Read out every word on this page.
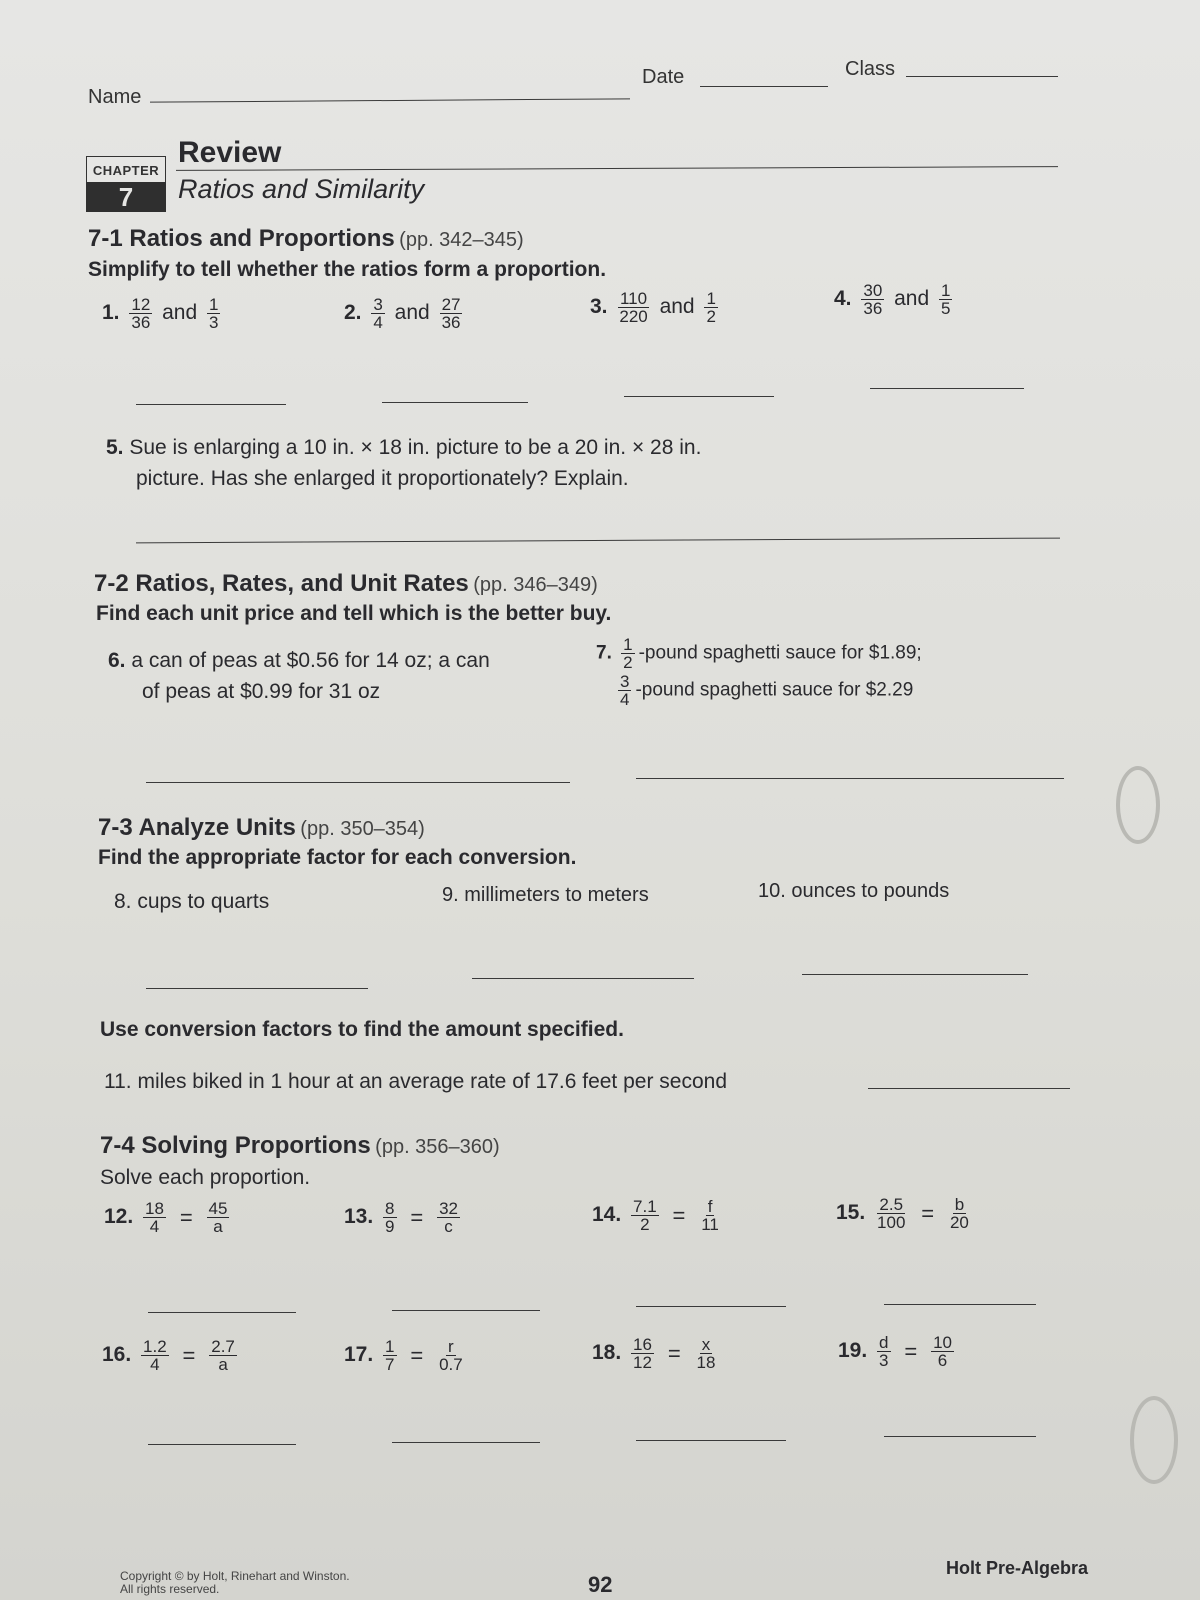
Name
Date	Class
CHAPTER
7
Review
Ratios and Similarity
7-1 Ratios and Proportions (pp. 342–345)
Simplify to tell whether the ratios form a proportion.
1. $\frac{12}{36}$ and $\frac{1}{3}$	2. $\frac{3}{4}$ and $\frac{27}{36}$	3. $\frac{110}{220}$ and $\frac{1}{2}$	4. $\frac{30}{36}$ and $\frac{1}{5}$
5. Sue is enlarging a 10 in. × 18 in. picture to be a 20 in. × 28 in.
picture. Has she enlarged it proportionately? Explain.
7-2 Ratios, Rates, and Unit Rates (pp. 346–349)
Find each unit price and tell which is the better buy.
6. a can of peas at $0.56 for 14 oz; a can
of peas at $0.99 for 31 oz
7. $\frac{1}{2}$ -pound spaghetti sauce for $1.89;
$\frac{3}{4}$ -pound spaghetti sauce for $2.29
7-3 Analyze Units (pp. 350–354)
Find the appropriate factor for each conversion.
8. cups to quarts	9. millimeters to meters	10. ounces to pounds
Use conversion factors to find the amount specified.
11. miles biked in 1 hour at an average rate of 17.6 feet per second
7-4 Solving Proportions (pp. 356–360)
Solve each proportion.
12. $\frac{18}{4} = \frac{45}{a}$	13. $\frac{8}{9} = \frac{32}{c}$	14. $\frac{7.1}{2} = \frac{f}{11}$	15. $\frac{2.5}{100} = \frac{b}{20}$
16. $\frac{1.2}{4} = \frac{2.7}{a}$	17. $\frac{1}{7} = \frac{r}{0.7}$	18. $\frac{16}{12} = \frac{x}{18}$	19. $\frac{d}{3} = \frac{10}{6}$
Copyright © by Holt, Rinehart and Winston.
All rights reserved.	92
Holt Pre-Algebra
